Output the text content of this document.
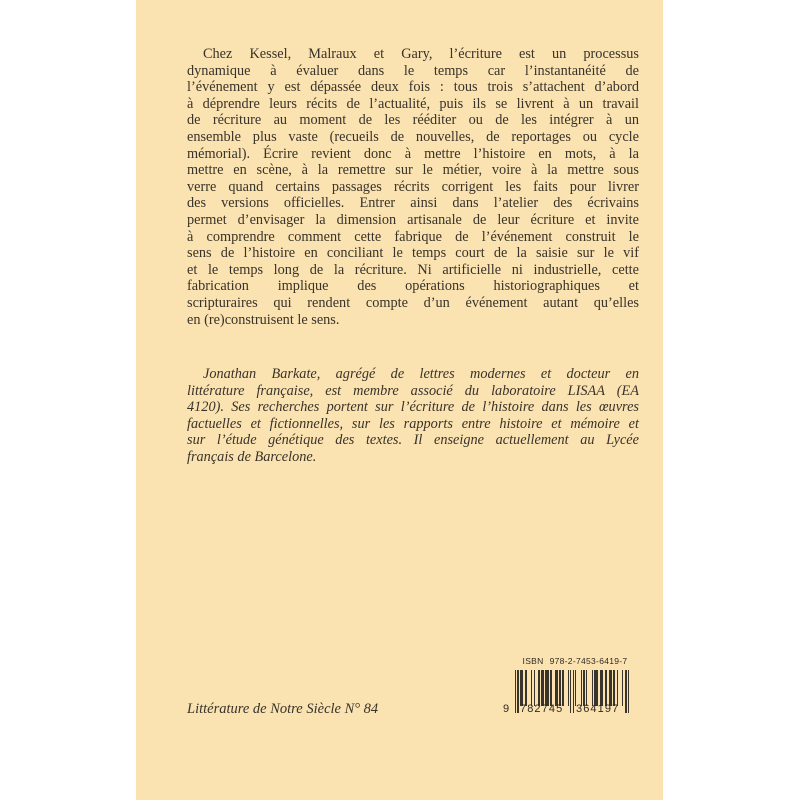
Chez Kessel, Malraux et Gary, l’écriture est un processus
dynamique à évaluer dans le temps car l’instantanéité de
l’événement y est dépassée deux fois : tous trois s’attachent d’abord
à déprendre leurs récits de l’actualité, puis ils se livrent à un travail
de récriture au moment de les rééditer ou de les intégrer à un
ensemble plus vaste (recueils de nouvelles, de reportages ou cycle
mémorial). Écrire revient donc à mettre l’histoire en mots, à la
mettre en scène, à la remettre sur le métier, voire à la mettre sous
verre quand certains passages récrits corrigent les faits pour livrer
des versions officielles. Entrer ainsi dans l’atelier des écrivains
permet d’envisager la dimension artisanale de leur écriture et invite
à comprendre comment cette fabrique de l’événement construit le
sens de l’histoire en conciliant le temps court de la saisie sur le vif
et le temps long de la récriture. Ni artificielle ni industrielle, cette
fabrication implique des opérations historiographiques et
scripturaires qui rendent compte d’un événement autant qu’elles
en (re)construisent le sens.
Jonathan Barkate, agrégé de lettres modernes et docteur en
littérature française, est membre associé du laboratoire LISAA (EA
4120). Ses recherches portent sur l’écriture de l’histoire dans les œuvres
factuelles et fictionnelles, sur les rapports entre histoire et mémoire et
sur l’étude génétique des textes. Il enseigne actuellement au Lycée
français de Barcelone.
Littérature de Notre Siècle N° 84
ISBN 978-2-7453-6419-7
9 782745 364197
